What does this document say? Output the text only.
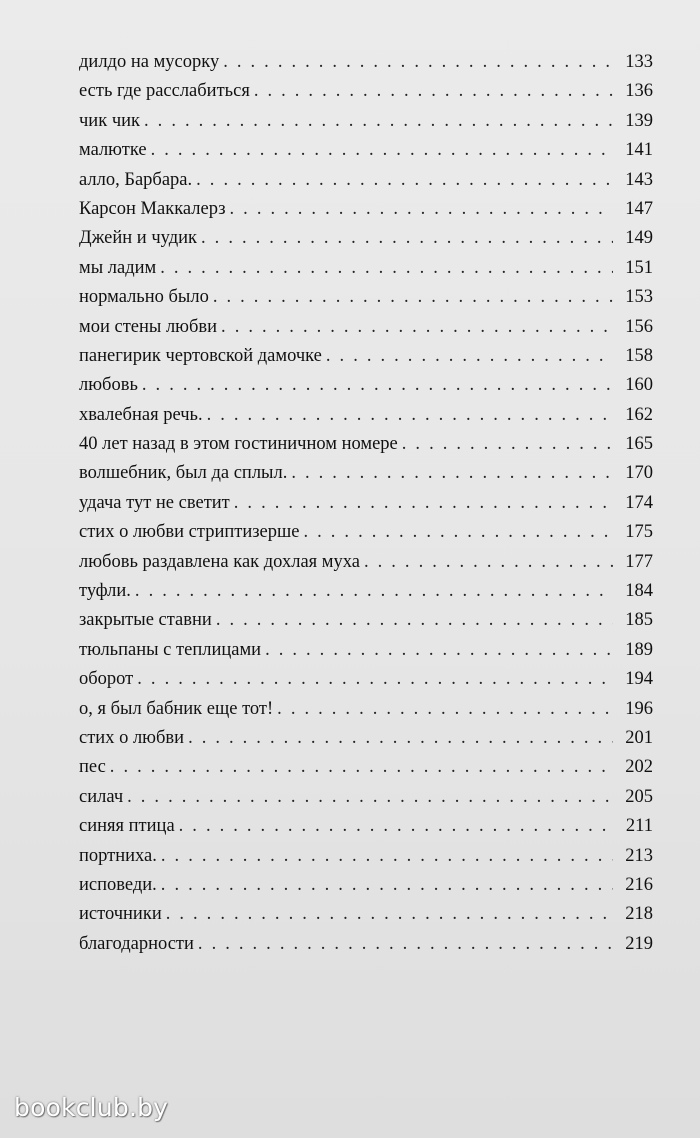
дилдо на мусорку . . .	133
есть где расслабиться . . .	136
чик чик . . .	139
малютке . . .	141
алло, Барбара. . . .	143
Карсон Маккалерз . . .	147
Джейн и чудик . . .	149
мы ладим . . .	151
нормально было . . .	153
мои стены любви . . .	156
панегирик чертовской дамочке . . .	158
любовь . . .	160
хвалебная речь. . . .	162
40 лет назад в этом гостиничном номере . . .	165
волшебник, был да сплыл. . . .	170
удача тут не светит . . .	174
стих о любви стриптизерше . . .	175
любовь раздавлена как дохлая муха . . .	177
туфли. . . .	184
закрытые ставни . . .	185
тюльпаны с теплицами . . .	189
оборот . . .	194
о, я был бабник еще тот! . . .	196
стих о любви . . .	201
пес . . .	202
силач . . .	205
синяя птица . . .	211
портниха. . . .	213
исповеди. . . .	216
источники . . .	218
благодарности . . .	219
bookclub.by
